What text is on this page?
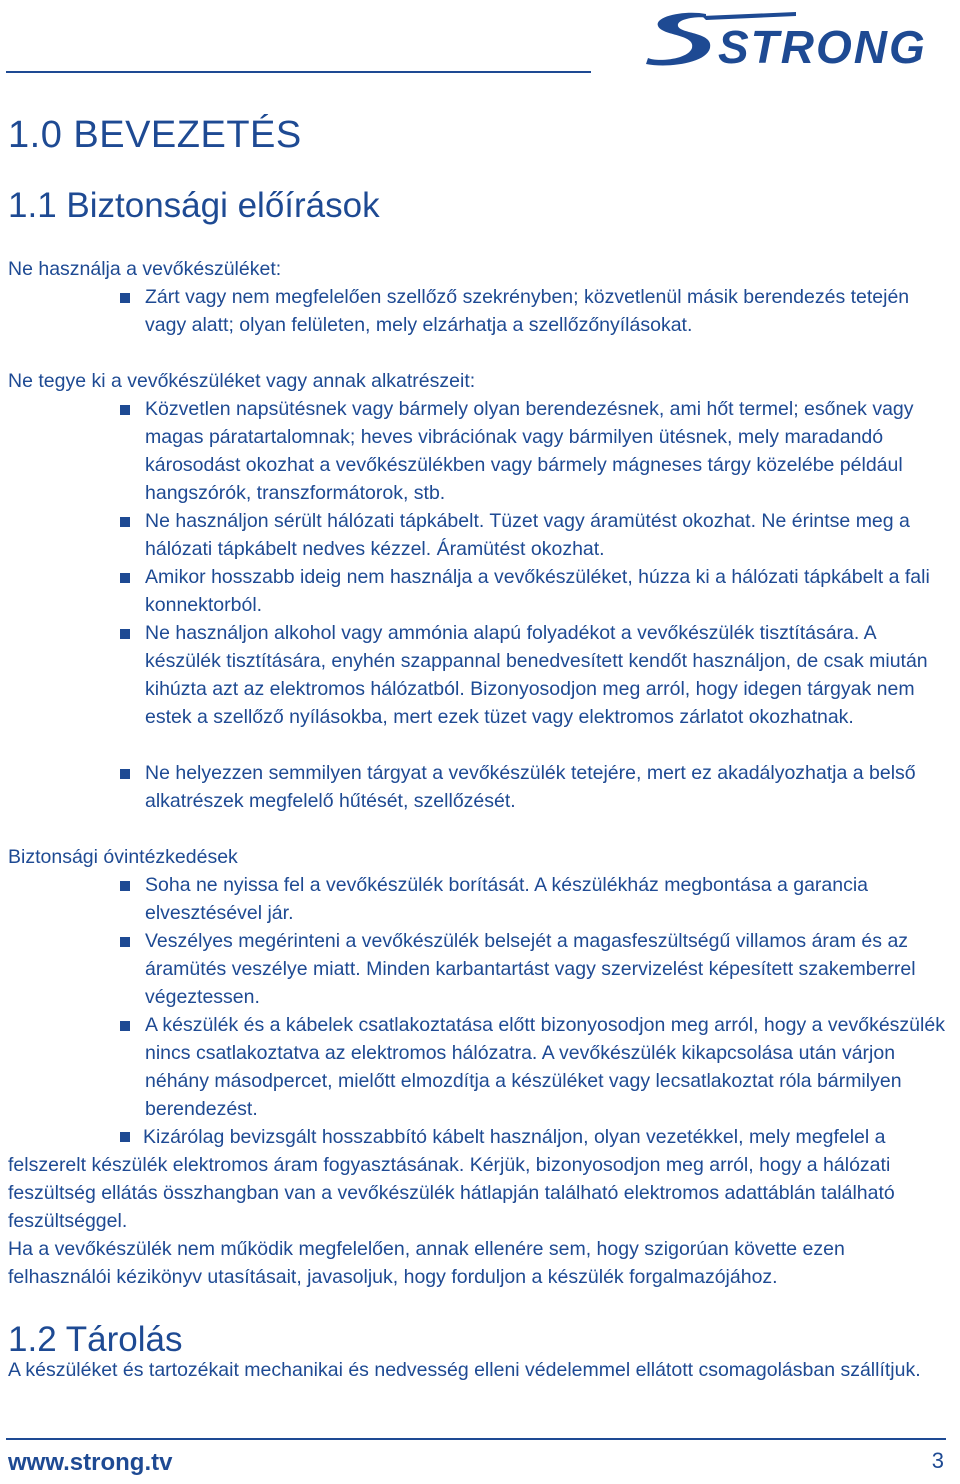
STRONG
1.0 BEVEZETÉS
1.1 Biztonsági előírások
Ne használja a vevőkészüléket:
Zárt vagy nem megfelelően szellőző szekrényben; közvetlenül másik berendezés tetején vagy alatt; olyan felületen, mely elzárhatja a szellőzőnyílásokat.
Ne tegye ki a vevőkészüléket vagy annak alkatrészeit:
Közvetlen napsütésnek vagy bármely olyan berendezésnek, ami hőt termel; esőnek vagy magas páratartalomnak; heves vibrációnak vagy bármilyen ütésnek, mely maradandó károsodást okozhat a vevőkészülékben vagy bármely mágneses tárgy közelébe például hangszórók, transzformátorok, stb.
Ne használjon sérült hálózati tápkábelt. Tüzet vagy áramütést okozhat. Ne érintse meg a hálózati tápkábelt nedves kézzel. Áramütést okozhat.
Amikor hosszabb ideig nem használja a vevőkészüléket, húzza ki a hálózati tápkábelt a fali konnektorból.
Ne használjon alkohol vagy ammónia alapú folyadékot a vevőkészülék tisztítására. A készülék tisztítására, enyhén szappannal benedvesített kendőt használjon, de csak miután kihúzta azt az elektromos hálózatból. Bizonyosodjon meg arról, hogy idegen tárgyak nem estek a szellőző nyílásokba, mert ezek tüzet vagy elektromos zárlatot okozhatnak.
Ne helyezzen semmilyen tárgyat a vevőkészülék tetejére, mert ez akadályozhatja a belső alkatrészek megfelelő hűtését, szellőzését.
Biztonsági óvintézkedések
Soha ne nyissa fel a vevőkészülék borítását. A készülékház megbontása a garancia elvesztésével jár.
Veszélyes megérinteni a vevőkészülék belsejét a magasfeszültségű villamos áram és az áramütés veszélye miatt. Minden karbantartást vagy szervizelést képesített szakemberrel végeztessen.
A készülék és a kábelek csatlakoztatása előtt bizonyosodjon meg arról, hogy a vevőkészülék nincs csatlakoztatva az elektromos hálózatra. A vevőkészülék kikapcsolása után várjon néhány másodpercet, mielőtt elmozdítja a készüléket vagy lecsatlakoztat róla bármilyen berendezést.
Kizárólag bevizsgált hosszabbító kábelt használjon, olyan vezetékkel, mely megfelel a felszerelt készülék elektromos áram fogyasztásának. Kérjük, bizonyosodjon meg arról, hogy a hálózati feszültség ellátás összhangban van a vevőkészülék hátlapján található elektromos adattáblán található feszültséggel.
Ha a vevőkészülék nem működik megfelelően, annak ellenére sem, hogy szigorúan követte ezen felhasználói kézikönyv utasításait, javasoljuk, hogy forduljon a készülék forgalmazójához.
1.2 Tárolás
A készüléket és tartozékait mechanikai és nedvesség elleni védelemmel ellátott csomagolásban szállítjuk.
www.strong.tv	3
